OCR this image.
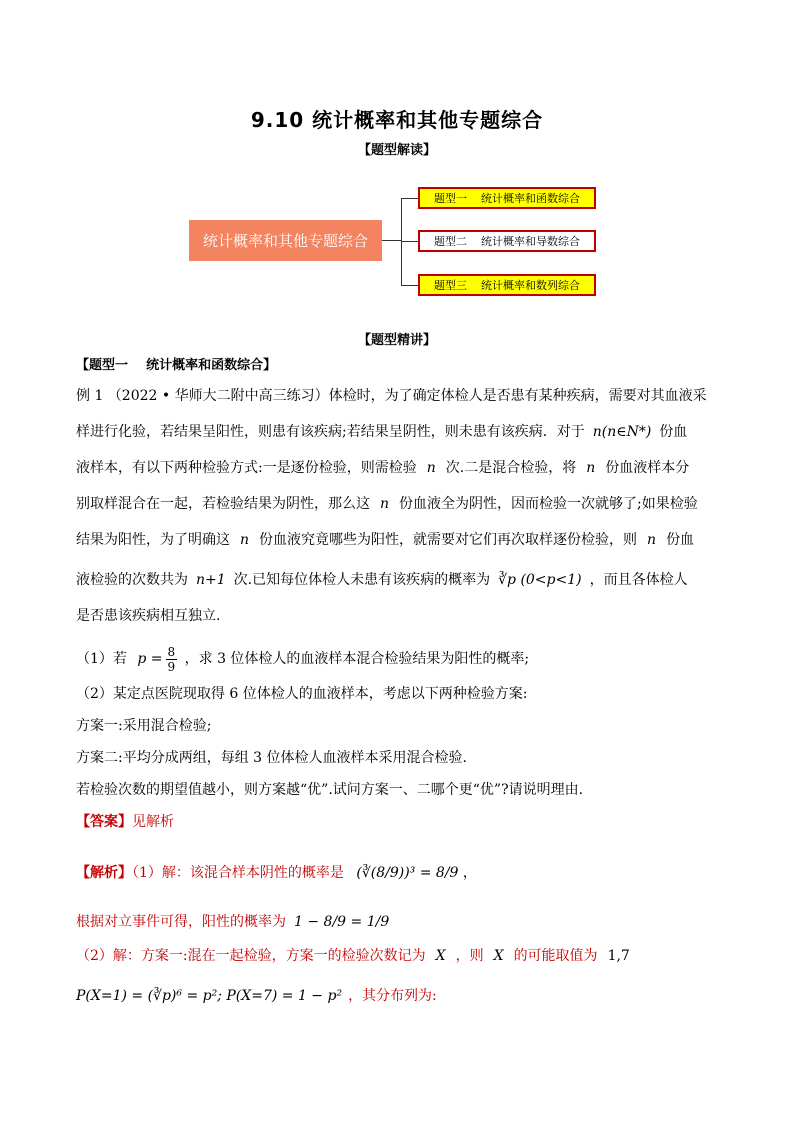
9.10 统计概率和其他专题综合
【题型解读】
统计概率和其他专题综合
题型一    统计概率和函数综合
题型二    统计概率和导数综合
题型三    统计概率和数列综合
【题型精讲】
【题型一    统计概率和函数综合】
例 1 （2022 • 华师大二附中高三练习）体检时，为了确定体检人是否患有某种疾病，需要对其血液采
样进行化验，若结果呈阳性，则患有该疾病;若结果呈阴性，则未患有该疾病．对于 n(n∈N*) 份血
液样本，有以下两种检验方式:一是逐份检验，则需检验 n 次.二是混合检验，将 n 份血液样本分
别取样混合在一起，若检验结果为阴性，那么这 n 份血液全为阴性，因而检验一次就够了;如果检验
结果为阳性，为了明确这 n 份血液究竟哪些为阳性，就需要对它们再次取样逐份检验，则 n 份血
液检验的次数共为 n+1 次.已知每位体检人未患有该疾病的概率为 ∛p (0<p<1) ，而且各体检人
是否患该疾病相互独立.
（1）若 $p = \frac{8}{9}$ ，求 3 位体检人的血液样本混合检验结果为阳性的概率;
（2）某定点医院现取得 6 位体检人的血液样本，考虑以下两种检验方案:
方案一:采用混合检验;
方案二:平均分成两组，每组 3 位体检人血液样本采用混合检验.
若检验次数的期望值越小，则方案越“优”.试问方案一、二哪个更“优”?请说明理由.
【答案】见解析
【解析】（1）解：该混合样本阴性的概率是 (∛(8/9))³ = 8/9 ，
根据对立事件可得，阳性的概率为 1 − 8/9 = 1/9
（2）解：方案一:混在一起检验，方案一的检验次数记为 X ，则 X 的可能取值为 1,7
P(X=1) = (∛p)⁶ = p²; P(X=7) = 1 − p² ，其分布列为:
